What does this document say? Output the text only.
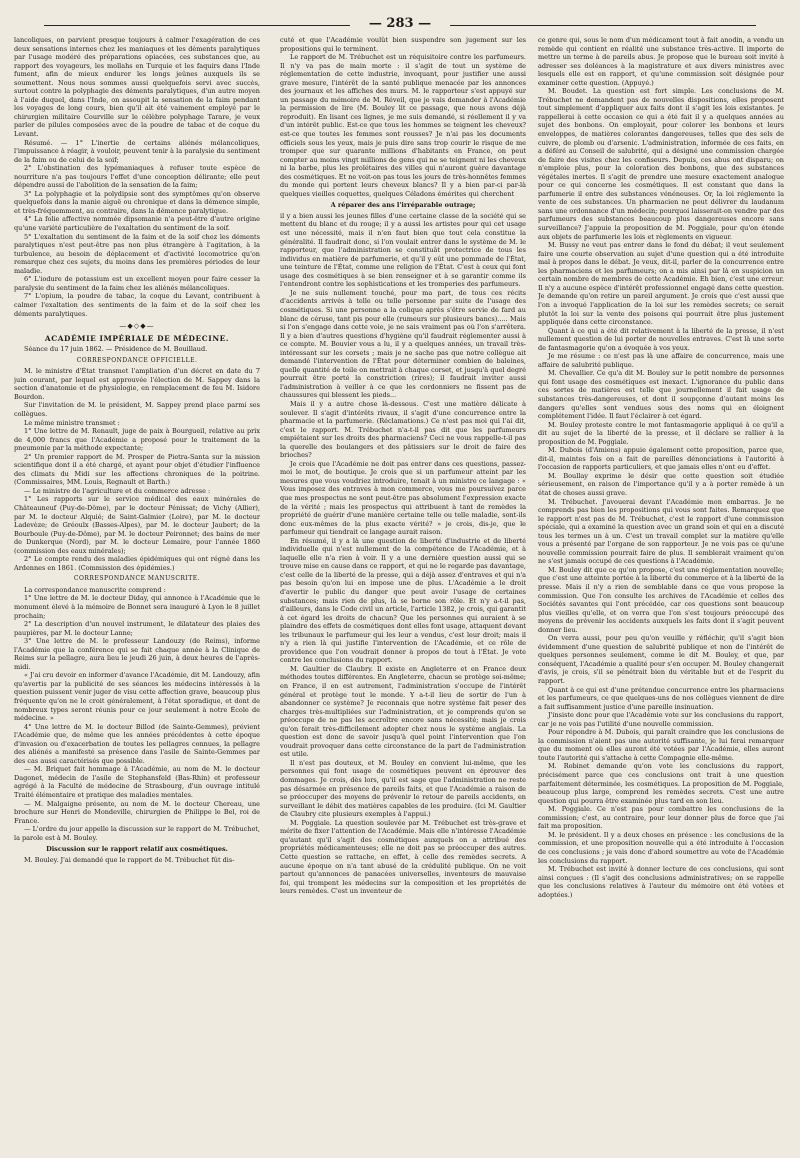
— 283 —

lancoliques, on parvient presque toujours à calmer l'exagération de ces deux sensations internes chez les maniaques et les déments paralytiques par l'usage modéré des préparations opiacées, ces substances que, au rapport des voyageurs, les mollahs en Turquie et les faquirs dans l'Inde fument, afin de mieux endurer les longs jeûnes auxquels ils se soumettent. Nous nous sommes aussi quelquefois servi avec succès, surtout contre la polyphagie des déments paralytiques, d'un autre moyen à l'aide duquel, dans l'Inde, on assoupit la sensation de la faim pendant les voyages de long cours, bien qu'il ait été vainement employé par le chirurgien militaire Courville sur le célèbre polyphage Tarare, je veux parler de pilules composées avec de la poudre de tabac et de coque du Levant.

Résumé. — 1° L'inertie de certains aliénés mélancoliques, l'impuissance à réagir, à vouloir, peuvent tenir à la paralysie du sentiment de la faim ou de celui de la soif;

2° L'obstination des lypémaniaques à refuser toute espèce de nourriture n'a pas toujours l'effet d'une conception délirante; elle peut dépendre aussi de l'abolition de la sensation de la faim;

3° La polyphagie et la polydipsie sont des symptômes qu'on observe quelquefois dans la manie aiguë ou chronique et dans la démence simple, et très-fréquemment, au contraire, dans la démence paralytique.

4° La folie affective nommée dipsomanie n'a peut-être d'autre origine qu'une variété particulière de l'exaltation du sentiment de la soif.

5° L'exaltation du sentiment de la faim et de la soif chez les déments paralytiques n'est peut-être pas non plus étrangère à l'agitation, à la turbulence, au besoin de déplacement et d'activité locomotrice qu'on remarque chez ces sujets, du moins dans les premières périodes de leur maladie.

6° L'iodure de potassium est un excellent moyen pour faire cesser la paralysie du sentiment de la faim chez les aliénés mélancoliques.

7° L'opium, la poudre de tabac, la coque du Levant, contribuent à calmer l'exaltation des sentiments de la faim et de la soif chez les déments paralytiques.

—◆◇◆—
ACADÉMIE IMPÉRIALE DE MÉDECINE.

Séance du 17 juin 1862. — Présidence de M. Bouillaud.

CORRESPONDANCE OFFICIELLE.

M. le ministre d'État transmet l'ampliation d'un décret en date du 7 juin courant, par lequel est approuvée l'élection de M. Sappey dans la section d'anatomie et de physiologie, en remplacement de feu M. Isidore Bourdon.

Sur l'invitation de M. le président, M. Sappey prend place parmi ses collègues.

Le même ministre transmet :

1° Une lettre de M. Renault, juge de paix à Bourgueil, relative au prix de 4,000 francs que l'Académie a proposé pour le traitement de la pneumonie par la méthode expectante;

2° Un premier rapport de M. Prosper de Pietra-Santa sur la mission scientifique dont il a été chargé, et ayant pour objet d'étudier l'influence des climats du Midi sur les affections chroniques de la poitrine. (Commissaires, MM. Louis, Regnault et Barth.)

— Le ministre de l'agriculture et du commerce adresse :

1° Les rapports sur le service médical des eaux minérales de Châteauneuf (Puy-de-Dôme), par le docteur Pénissat; de Vichy (Allier), par M. le docteur Alquié; de Saint-Galmier (Loire), par M. le docteur Ladevèze; de Gréoulx (Basses-Alpes), par M. le docteur Jaubert; de la Bourboule (Puy-de-Dôme), par M. le docteur Peironnet; des bains de mer de Dunkerque (Nord), par M. le docteur Lemaire, pour l'année 1860 (commission des eaux minérales);

2° Le compte rendu des maladies épidémiques qui ont régné dans les Ardennes en 1861. (Commission des épidémies.)

CORRESPONDANCE MANUSCRITE.

La correspondance manuscrite comprend :

1° Une lettre de M. le docteur Diday, qui annonce à l'Académie que le monument élevé à la mémoire de Bonnet sera inauguré à Lyon le 8 juillet prochain;

2° La description d'un nouvel instrument, le dilatateur des plaies des paupières, par M. le docteur Lanne;

3° Une lettre de M. le professeur Landouzy (de Reims), informe l'Académie que la conférence qui se fait chaque année à la Clinique de Reims sur la pellagre, aura lieu le jeudi 26 juin, à deux heures de l'après-midi.

« J'ai cru devoir en informer d'avance l'Académie, dit M. Landouzy, afin qu'avertis par la publicité de ses séances les médecins intéressés à la question puissent venir juger de visu cette affection grave, beaucoup plus fréquente qu'on ne le croit généralement, à l'état sporadique, et dont de nombreux types seront réunis pour ce jour seulement à notre École de médecine. »

4° Une lettre de M. le docteur Billod (de Sainte-Gemmes), prévient l'Académie que, de même que les années précédentes à cette époque d'invasion ou d'exacerbation de toutes les pellagres connues, la pellagre des aliénés a manifesté sa présence dans l'asile de Sainte-Gemmes par des cas aussi caractérisés que possible.

— M. Briquet fait hommage à l'Académie, au nom de M. le docteur Dagonet, médecin de l'asile de Stephansfeld (Bas-Rhin) et professeur agrégé à la Faculté de médecine de Strasbourg, d'un ouvrage intitulé Traité élémentaire et pratique des maladies mentales.

— M. Malgaigne présente, au nom de M. le docteur Chereau, une brochure sur Henri de Mondeville, chirurgien de Philippe le Bel, roi de France.

— L'ordre du jour appelle la discussion sur le rapport de M. Trébuchet, la parole est à M. Bouley.

Discussion sur le rapport relatif aux cosmétiques.

M. Bouley. J'ai demandé que le rapport de M. Trébuchet fût dis-

cuté et que l'Académie voulût bien suspendre son jugement sur les propositions qui le terminent.

Le rapport de M. Trébuchet est un réquisitoire contre les parfumeurs. Il n'y va pas de main morte : il s'agit de tout un système de réglementation de cette industrie, invoquant, pour justifier une aussi grave mesure, l'intérêt de la santé publique menacée par les annonces des journaux et les affiches des murs. M. le rapporteur s'est appuyé sur un passage du mémoire de M. Réveil, que je vais demander à l'Académie la permission de lire (M. Bouley lit ce passage, que nous avons déjà reproduit). En lisant ces lignes, je me suis demandé, si réellement il y va d'un intérêt public. Est-ce que tous les hommes se teignent les cheveux? est-ce que toutes les femmes sont rousses? Je n'ai pas les documents officiels sous les yeux, mais je puis dire sans trop courir le risque de me tromper que sur quarante millions d'habitants en France, on peut compter au moins vingt millions de gens qui ne se teignent ni les cheveux ni la barbe, plus les prolétaires des villes qui n'auront guère davantage des cosmétiques. Et ne voit-on pas tous les jours de très-honnêtes femmes du monde qui portent leurs cheveux blancs? Il y a bien par-ci par-là quelques vieilles coquettes, quelques Céladons émérites qui cherchent

A réparer des ans l'irréparable outrage;

il y a bien aussi les jeunes filles d'une certaine classe de la société qui se mettent du blanc et du rouge; il y a aussi les artistes pour qui cet usage est une nécessité, mais il n'en faut bien que tout cela constitue la généralité. Il faudrait donc, si l'on voulait entrer dans le système de M. le rapporteur, que l'administration se constituât protectrice de tous les individus en matière de parfumerie, et qu'il y eût une pommade de l'État, une teinture de l'État, comme une religion de l'État. C'est à ceux qui font usage des cosmétiques à se bien renseigner et à se garantir comme ils l'entendront contre les sophistications et les tromperies des parfumeurs.

Je ne suis nullement touché, pour ma part, de tous ces récits d'accidents arrivés à telle ou telle personne par suite de l'usage des cosmétiques. Si une personne a la colique après s'être servie de fard au blanc de céruse, tant pis pour elle (rumeurs sur plusieurs bancs)..... Mais si l'on s'engage dans cette voie, je ne sais vraiment pas où l'on s'arrêtera. Il y a bien d'autres questions d'hygiène qu'il faudrait réglementer aussi à ce compte. M. Bouvier vous a lu, il y a quelques années, un travail très-intéressant sur les corsets ; mais je ne sache pas que notre collègue ait demandé l'intervention de l'État pour déterminer combien de baleines, quelle quantité de toile on mettrait à chaque corset, et jusqu'à quel degré pourrait être porté la constriction (rires); il faudrait inviter aussi l'administration à veiller à ce que les cordonniers ne fissent pas de chaussures qui blessent les pieds...

Mais il y a autre chose là-dessous. C'est une matière délicate à soulever. Il s'agit d'intérêts rivaux, il s'agit d'une concurrence entre la pharmacie et la parfumerie. (Réclamations.) Ce n'est pas moi qui l'ai dit, c'est le rapport. M. Trébuchet n'a-t-il pas dit que les parfumeurs empiétaient sur les droits des pharmaciens? Ceci ne vous rappelle-t-il pas la querelle des boulangers et des pâtissiers sur le droit de faire des brioches?

Je crois que l'Académie ne doit pas entrer dans ces questions, passez-moi le mot, de boutique. Je crois que si un parfumeur atteint par les mesures que vous voudriez introduire, tenait à un ministre ce langage : « Vous imposez des entraves à mon commerce, vous me poursuivez parce que mes prospectus ne sont peut-être pas absolument l'expression exacte de la vérité ; mais les prospectus qui attribuent à tant de remèdes la propriété de guérir d'une manière certaine telle ou telle maladie, sont-ils donc eux-mêmes de la plus exacte vérité? » je crois, dis-je, que le parfumeur qui tiendrait ce langage aurait raison.

En résumé, il y a là une question de liberté d'industrie et de liberté individuelle qui n'est nullement de la compétence de l'Académie, et à laquelle elle n'a rien à voir. Il y a une dernière question aussi qui se trouve mise en cause dans ce rapport, et qui ne le regarde pas davantage, c'est celle de la liberté de la presse, qui a déjà assez d'entraves et qui n'a pas besoin qu'on lui en impose une de plus. L'Académie a le droit d'avertir le public du danger que peut avoir l'usage de certaines substances; mais rien de plus, là se borne son rôle. Et n'y a-t-il pas, d'ailleurs, dans le Code civil un article, l'article 1382, je crois, qui garantit à cet égard les droits de chacun? Que les personnes qui auraient à se plaindre des effets de cosmétiques dont elles font usage, attaquent devant les tribunaux le parfumeur qui les leur a vendus, c'est leur droit; mais il n'y a rien là qui justifie l'intervention de l'Académie, et ce rôle de providence que l'on voudrait donner à propos de tout à l'État. Je vote contre les conclusions du rapport.

M. Gaultier de Claubry. Il existe en Angleterre et en France deux méthodes toutes différentes. En Angleterre, chacun se protège soi-même; en France, il en est autrement, l'administration s'occupe de l'intérêt général et protège tout le monde. Y a-t-il lieu de sortir de l'un à abandonner ce système? Je reconnais que notre système fait peser des charges très-multipliées sur l'administration, et je comprends qu'on se préoccupe de ne pas les accroître encore sans nécessité; mais je crois qu'on ferait très-difficilement adopter chez nous le système anglais. La question est donc de savoir jusqu'à quel point l'intervention que l'on voudrait provoquer dans cette circonstance de la part de l'administration est utile.

Il n'est pas douteux, et M. Bouley en convient lui-même, que les personnes qui font usage de cosmétiques peuvent en éprouver des dommages. Je crois, dès lors, qu'il est sage que l'administration ne reste pas désarmée en présence de pareils faits, et que l'Académie a raison de se préoccuper des moyens de prévenir le retour de pareils accidents, en surveillant le débit des matières capables de les produire. (Ici M. Gaultier de Claubry cite plusieurs exemples à l'appui.)

M. Poggiale. La question soulevée par M. Trébuchet est très-grave et mérite de fixer l'attention de l'Académie. Mais elle n'intéresse l'Académie qu'autant qu'il s'agit des cosmétiques auxquels on a attribué des propriétés médicamenteuses; elle ne doit pas se préoccuper des autres. Cette question se rattache, en effet, à celle des remèdes secrets. A aucune époque on n'a tant abusé de la crédulité publique. On ne voit partout qu'annonces de panacées universelles, inventeurs de mauvaise foi, qui trompent les médecins sur la composition et les propriétés de leurs remèdes. C'est un inventeur de

ce genre qui, sous le nom d'un médicament tout à fait anodin, a vendu un remède qui contient en réalité une substance très-active. Il importe de mettre un terme à de pareils abus. Je propose que le bureau soit invité à adresser ses doléances à la magistrature et aux divers ministres avec lesquels elle est en rapport, et qu'une commission soit désignée pour examiner cette question. (Appuyé.)

M. Boudet. La question est fort simple. Les conclusions de M. Trébuchet ne demandent pas de nouvelles dispositions, elles proposent tout simplement d'appliquer aux faits dont il s'agit les lois existantes. Je rappellerai à cette occasion ce qui a été fait il y a quelques années au sujet des bonbons. On employait, pour colorer les bonbons et leurs enveloppes, de matières colorantes dangereuses, telles que des sels de cuivre, de plomb ou d'arsenic. L'administration, informée de ces faits, en a déféré au Conseil de salubrité, qui a désigné une commission chargée de faire des visites chez les confiseurs. Depuis, ces abus ont disparu; on n'emploie plus, pour la coloration des bonbons, que des substances végétales inertes. Il s'agit de prendre une mesure exactement analogue pour ce qui concerne les cosmétiques. Il est constant que dans la parfumerie il entre des substances vénéneuses. Or, la loi réglemente la vente de ces substances. Un pharmacien ne peut délivrer du laudanum sans une ordonnance d'un médecin; pourquoi laisserait-on vendre par des parfumeurs des substances beaucoup plus dangereuses encore sans surveillance? J'appuie la proposition de M. Poggiale, pour qu'on étende aux objets de parfumerie les lois et règlements en vigueur.

M. Bussy ne veut pas entrer dans le fond du débat; il veut seulement faire une courte observation au sujet d'une question qui a été introduite mal à propos dans le débat. Je veux, dit-il, parler de la concurrence entre les pharmaciens et les parfumeurs; on a mis ainsi par là en suspicion un certain nombre de membres de cette Académie. Eh bien, c'est une erreur. Il n'y a aucune espèce d'intérêt professionnel engagé dans cette question. Je demande qu'on retire un pareil argument. Je crois que c'est aussi que l'on a invoqué l'application de la loi sur les remèdes secrets; ce serait plutôt la loi sur la vente des poisons qui pourrait être plus justement appliquée dans cette circonstance.

Quant à ce qui a été dit relativement à la liberté de la presse, il n'est nullement question de lui porter de nouvelles entraves. C'est là une sorte de fantasmagorie qu'on a évoquée à vos yeux.

Je me résume : ce n'est pas là une affaire de concurrence, mais une affaire de salubrité publique.

M. Chevallier. Ce qu'a dit M. Bouley sur le petit nombre de personnes qui font usage des cosmétiques est inexact. L'ignorance du public dans ces sortes de matières est telle que journellement il fait usage de substances très-dangereuses, et dont il soupçonne d'autant moins les dangers qu'elles sont vendues sous des noms qui en éloignent complétement l'idée. Il faut l'éclairer à cet égard.

M. Bouley proteste contre le mot fantasmagorie appliqué à ce qu'il a dit au sujet de la liberté de la presse, et il déclare se rallier à la proposition de M. Poggiale.

M. Dubois (d'Amiens) appuie également cette proposition, parce que, dit-il, maintes fois on a fait de pareilles dénonciations à l'autorité à l'occasion de rapports particuliers, et que jamais elles n'ont eu d'effet.

M. Boullay exprime le désir que cette question soit étudiée sérieusement, en raison de l'importance qu'il y a à porter remède à un état de choses aussi grave.

M. Trébuchet. J'avouerai devant l'Académie mon embarras. Je ne comprends pas bien les propositions qui vous sont faites. Remarquez que le rapport n'est pas de M. Trébuchet, c'est le rapport d'une commission spéciale, qui a examiné la question avec un grand soin et qui en a discuté tous les termes un à un. C'est un travail complet sur la matière qu'elle vous a présenté par l'organe de son rapporteur. Je ne vois pas ce qu'une nouvelle commission pourrait faire de plus. Il semblerait vraiment qu'on ne s'est jamais occupé de ces questions à l'Académie.

M. Bouley dit que ce qu'on propose, c'est une réglementation nouvelle; que c'est une atteinte portée à la liberté du commerce et à la liberté de la presse. Mais il n'y a rien de semblable dans ce que vous propose la commission. Que l'on consulte les archives de l'Académie et celles des Sociétés savantes qui l'ont précédée, car ces questions sont beaucoup plus vieilles qu'elle, et on verra que l'on s'est toujours préoccupé des moyens de prévenir les accidents auxquels les faits dont il s'agit peuvent donner lieu.

On verra aussi, pour peu qu'on veuille y réfléchir, qu'il s'agit bien évidemment d'une question de salubrité publique et non de l'intérêt de quelques personnes seulement, comme le dit M. Bouley, et que, par conséquent, l'Académie a qualité pour s'en occuper. M. Bouley changerait d'avis, je crois, s'il se pénétrait bien du véritable but et de l'esprit du rapport.

Quant à ce qui est d'une prétendue concurrence entre les pharmaciens et les parfumeurs, ce que quelques-uns de nos collègues viennent de dire a fait suffisamment justice d'une pareille insinuation.

J'insiste donc pour que l'Académie vote sur les conclusions du rapport, car je ne vois pas l'utilité d'une nouvelle commission.

Pour répondre à M. Dubois, qui paraît craindre que les conclusions de la commission n'aient pas une autorité suffisante, je lui ferai remarquer que du moment où elles auront été votées par l'Académie, elles auront toute l'autorité qui s'attache à cette Compagnie elle-même.

M. Robinet demande qu'on vote les conclusions du rapport, précisément parce que ces conclusions ont trait à une question parfaitement déterminée, les cosmétiques. La proposition de M. Poggiale, beaucoup plus large, comprend les remèdes secrets. C'est une autre question qui pourra être examinée plus tard en son lieu.

M. Poggiale. Ce n'est pas pour combattre les conclusions de la commission; c'est, au contraire, pour leur donner plus de force que j'ai fait ma proposition.

M. le président. Il y a deux choses en présence : les conclusions de la commission, et une proposition nouvelle qui a été introduite à l'occasion de ces conclusions ; je vais donc d'abord soumettre au vote de l'Académie les conclusions du rapport.

M. Trébuchet est invité à donner lecture de ces conclusions, qui sont ainsi conçues : (Il s'agit des conclusions administratives; on se rappelle que les conclusions relatives à l'auteur du mémoire ont été votées et adoptées.)
